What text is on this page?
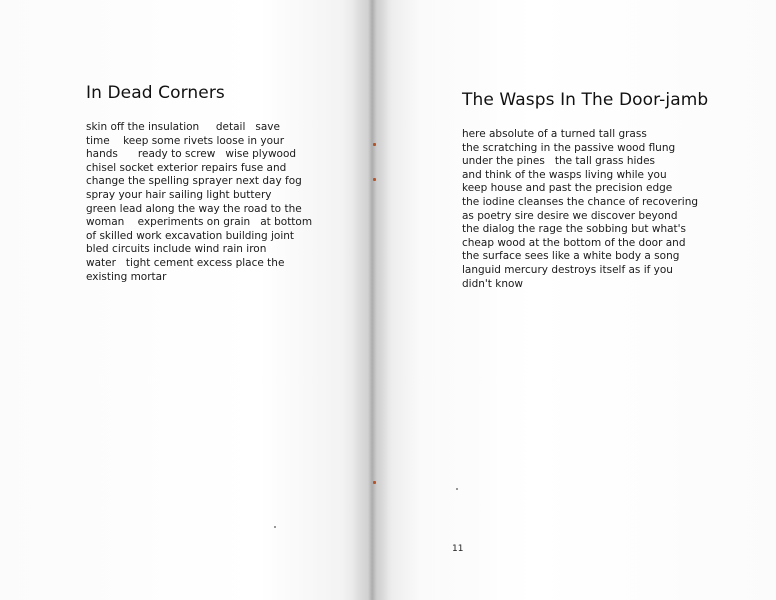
In Dead Corners
skin off the insulation     detail   save
time    keep some rivets loose in your
hands      ready to screw   wise plywood
chisel socket exterior repairs fuse and
change the spelling sprayer next day fog
spray your hair sailing light buttery
green lead along the way the road to the
woman    experiments on grain   at bottom
of skilled work excavation building joint
bled circuits include wind rain iron
water   tight cement excess place the
existing mortar
The Wasps In The Door-jamb
here absolute of a turned tall grass
the scratching in the passive wood flung
under the pines   the tall grass hides
and think of the wasps living while you
keep house and past the precision edge
the iodine cleanses the chance of recovering
as poetry sire desire we discover beyond
the dialog the rage the sobbing but what's
cheap wood at the bottom of the door and
the surface sees like a white body a song
languid mercury destroys itself as if you
didn't know
11
